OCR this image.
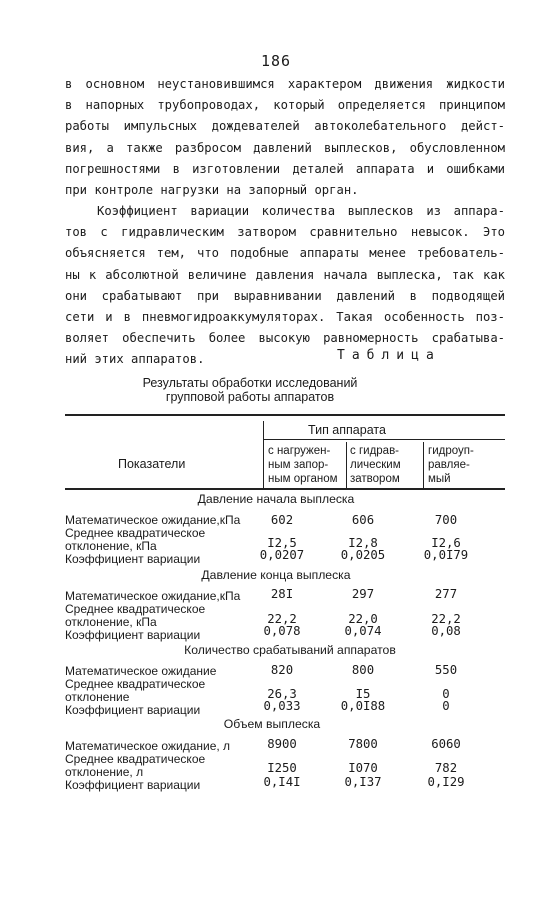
186
в основном неустановившимся характером движения жидкости
в напорных трубопроводах, который определяется принципом
работы импульсных дождевателей автоколебательного дейст-
вия, а также разбросом давлений выплесков, обусловленном
погрешностями в изготовлении деталей аппарата и ошибками
при контроле нагрузки на запорный орган.
Коэффициент вариации количества выплесков из аппара-
тов с гидравлическим затвором сравнительно невысок. Это
объясняется тем, что подобные аппараты менее требователь-
ны к абсолютной величине давления начала выплеска, так как
они срабатывают при выравнивании давлений в подводящей
сети и в пневмогидроаккумуляторах. Такая особенность поз-
воляет обеспечить более высокую равномерность срабатыва-
ний этих аппаратов.	Таблица
Результаты обработки исследований
групповой работы аппаратов
Показатели
Тип аппарата
с нагружен-
ным запор-
ным органом
с гидрав-
лическим
затвором
гидроуп-
равляе-
мый
Давление начала выплеска
Математическое ожидание,кПа	602	606	700
Среднее квадратическое
отклонение, кПа	I2,5	I2,8	I2,6
Коэффициент вариации	0,0207	0,0205	0,0I79
Давление конца выплеска
Математическое ожидание,кПа	28I	297	277
Среднее квадратическое
отклонение, кПа	22,2	22,0	22,2
Коэффициент вариации	0,078	0,074	0,08
Количество срабатываний аппаратов
Математическое ожидание	820	800	550
Среднее квадратическое
отклонение	26,3	I5	0
Коэффициент вариации	0,033	0,0I88	0
Объем выплеска
Математическое ожидание, л	8900	7800	6060
Среднее квадратическое
отклонение, л	I250	I070	782
Коэффициент вариации	0,I4I	0,I37	0,I29
